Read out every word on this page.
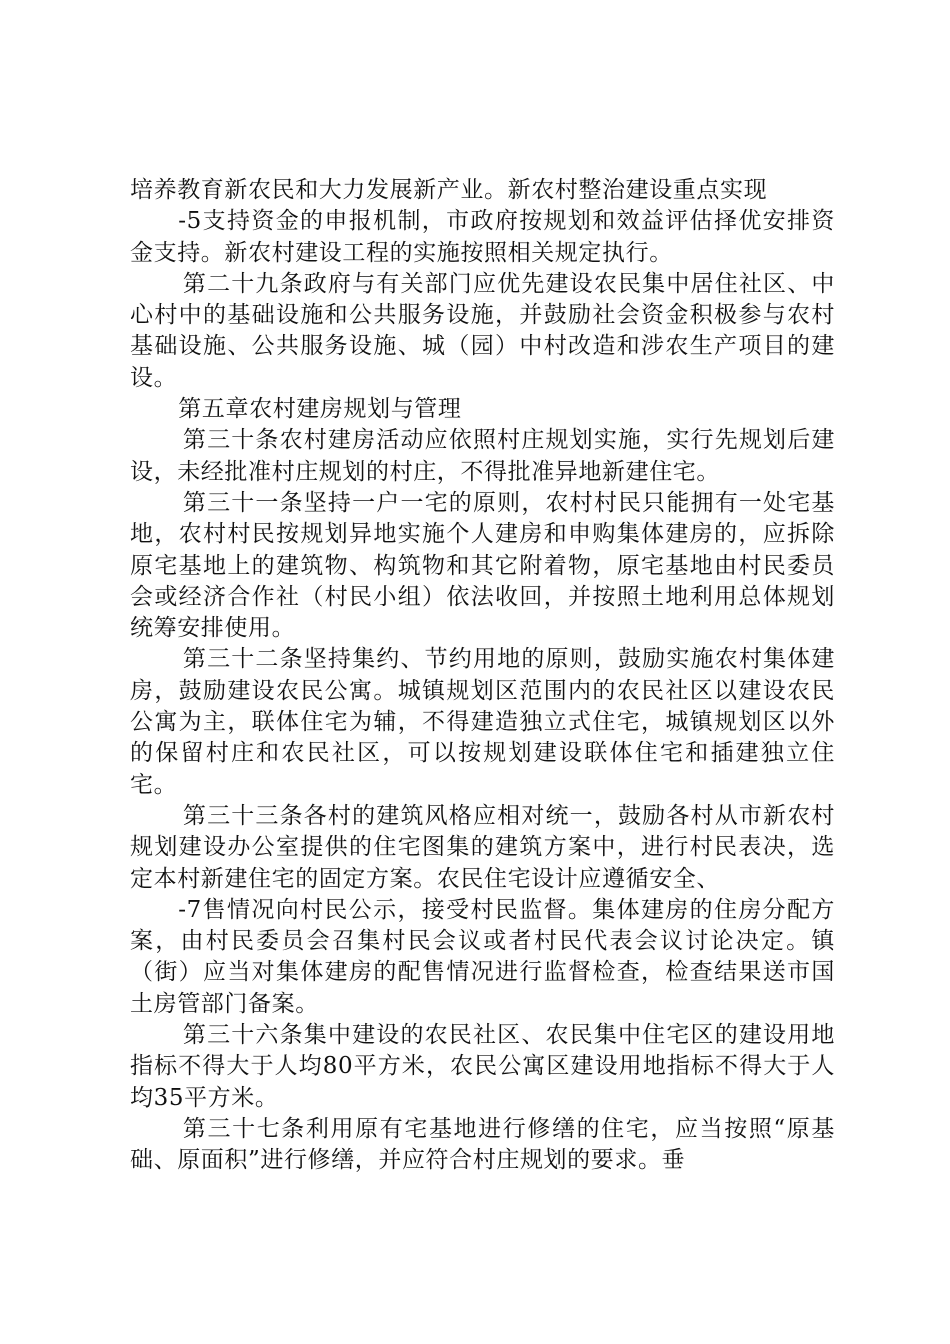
培养教育新农民和大力发展新产业。新农村整治建设重点实现

-5支持资金的申报机制，市政府按规划和效益评估择优安排资金支持。新农村建设工程的实施按照相关规定执行。

第二十九条政府与有关部门应优先建设农民集中居住社区、中心村中的基础设施和公共服务设施，并鼓励社会资金积极参与农村基础设施、公共服务设施、城（园）中村改造和涉农生产项目的建设。

第五章农村建房规划与管理

第三十条农村建房活动应依照村庄规划实施，实行先规划后建设，未经批准村庄规划的村庄，不得批准异地新建住宅。

第三十一条坚持一户一宅的原则，农村村民只能拥有一处宅基地，农村村民按规划异地实施个人建房和申购集体建房的，应拆除原宅基地上的建筑物、构筑物和其它附着物，原宅基地由村民委员会或经济合作社（村民小组）依法收回，并按照土地利用总体规划统筹安排使用。

第三十二条坚持集约、节约用地的原则，鼓励实施农村集体建房，鼓励建设农民公寓。城镇规划区范围内的农民社区以建设农民公寓为主，联体住宅为辅，不得建造独立式住宅，城镇规划区以外的保留村庄和农民社区，可以按规划建设联体住宅和插建独立住宅。

第三十三条各村的建筑风格应相对统一，鼓励各村从市新农村规划建设办公室提供的住宅图集的建筑方案中，进行村民表决，选定本村新建住宅的固定方案。农民住宅设计应遵循安全、

-7售情况向村民公示，接受村民监督。集体建房的住房分配方案，由村民委员会召集村民会议或者村民代表会议讨论决定。镇（街）应当对集体建房的配售情况进行监督检查，检查结果送市国土房管部门备案。

第三十六条集中建设的农民社区、农民集中住宅区的建设用地指标不得大于人均80平方米，农民公寓区建设用地指标不得大于人均35平方米。

第三十七条利用原有宅基地进行修缮的住宅，应当按照“原基础、原面积”进行修缮，并应符合村庄规划的要求。垂
